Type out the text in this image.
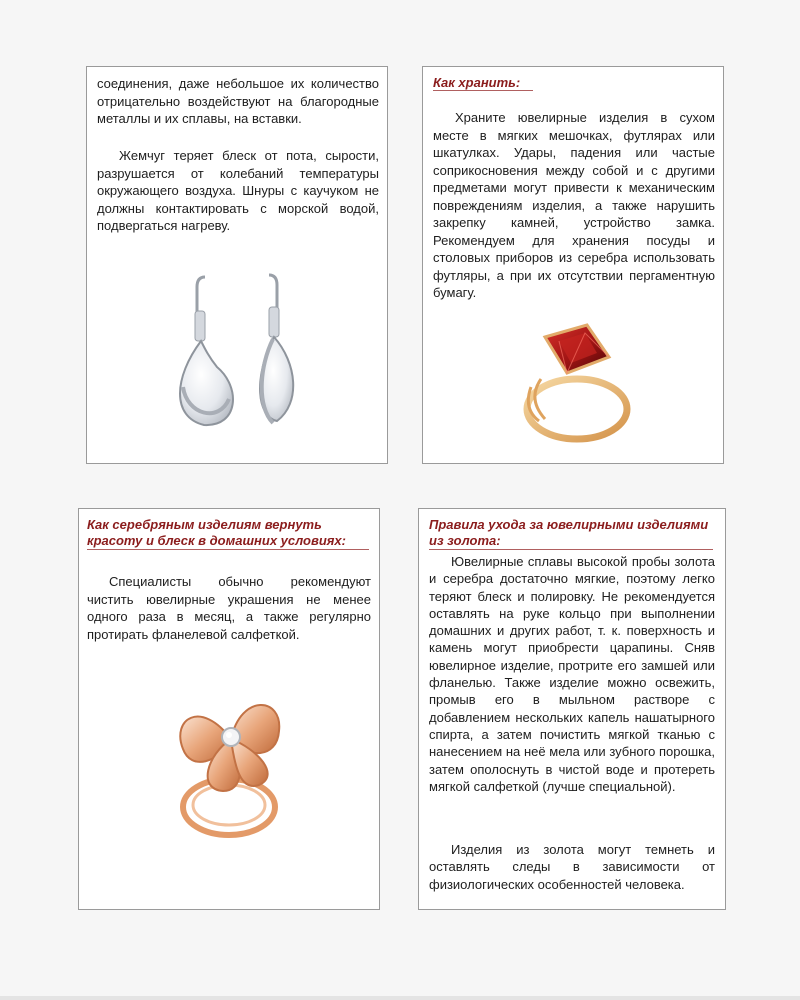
соединения, даже небольшое их количество отрицательно воздействуют на благородные металлы и их сплавы, на вставки.

Жемчуг теряет блеск от пота, сырости, разрушается от колебаний температуры окружающего воздуха. Шнуры с каучуком не должны контактировать с морской водой, подвергаться нагреву.

Как хранить:

Храните ювелирные изделия в сухом месте в мягких мешочках, футлярах или шкатулках. Удары, падения или частые соприкосновения между собой и с другими предметами могут привести к механическим повреждениям изделия, а также нарушить закрепку камней, устройство замка. Рекомендуем для хранения посуды и столовых приборов из серебра использовать футляры, а при их отсутствии пергаментную бумагу.

Как серебряным изделиям вернуть красоту и блеск в домашних условиях:

Специалисты обычно рекомендуют чистить ювелирные украшения не менее одного раза в месяц, а также регулярно протирать фланелевой салфеткой.

Правила ухода за ювелирными изделиями из золота:

Ювелирные сплавы высокой пробы золота и серебра достаточно мягкие, поэтому легко теряют блеск и полировку. Не рекомендуется оставлять на руке кольцо при выполнении домашних и других работ, т. к. поверхность и камень могут приобрести царапины. Сняв ювелирное изделие, протрите его замшей или фланелью. Также изделие можно освежить, промыв его в мыльном растворе с добавлением нескольких капель нашатырного спирта, а затем почистить мягкой тканью с нанесением на неё мела или зубного порошка, затем ополоснуть в чистой воде и протереть мягкой салфеткой (лучше специальной).

Изделия из золота могут темнеть и оставлять следы в зависимости от физиологических особенностей человека.
